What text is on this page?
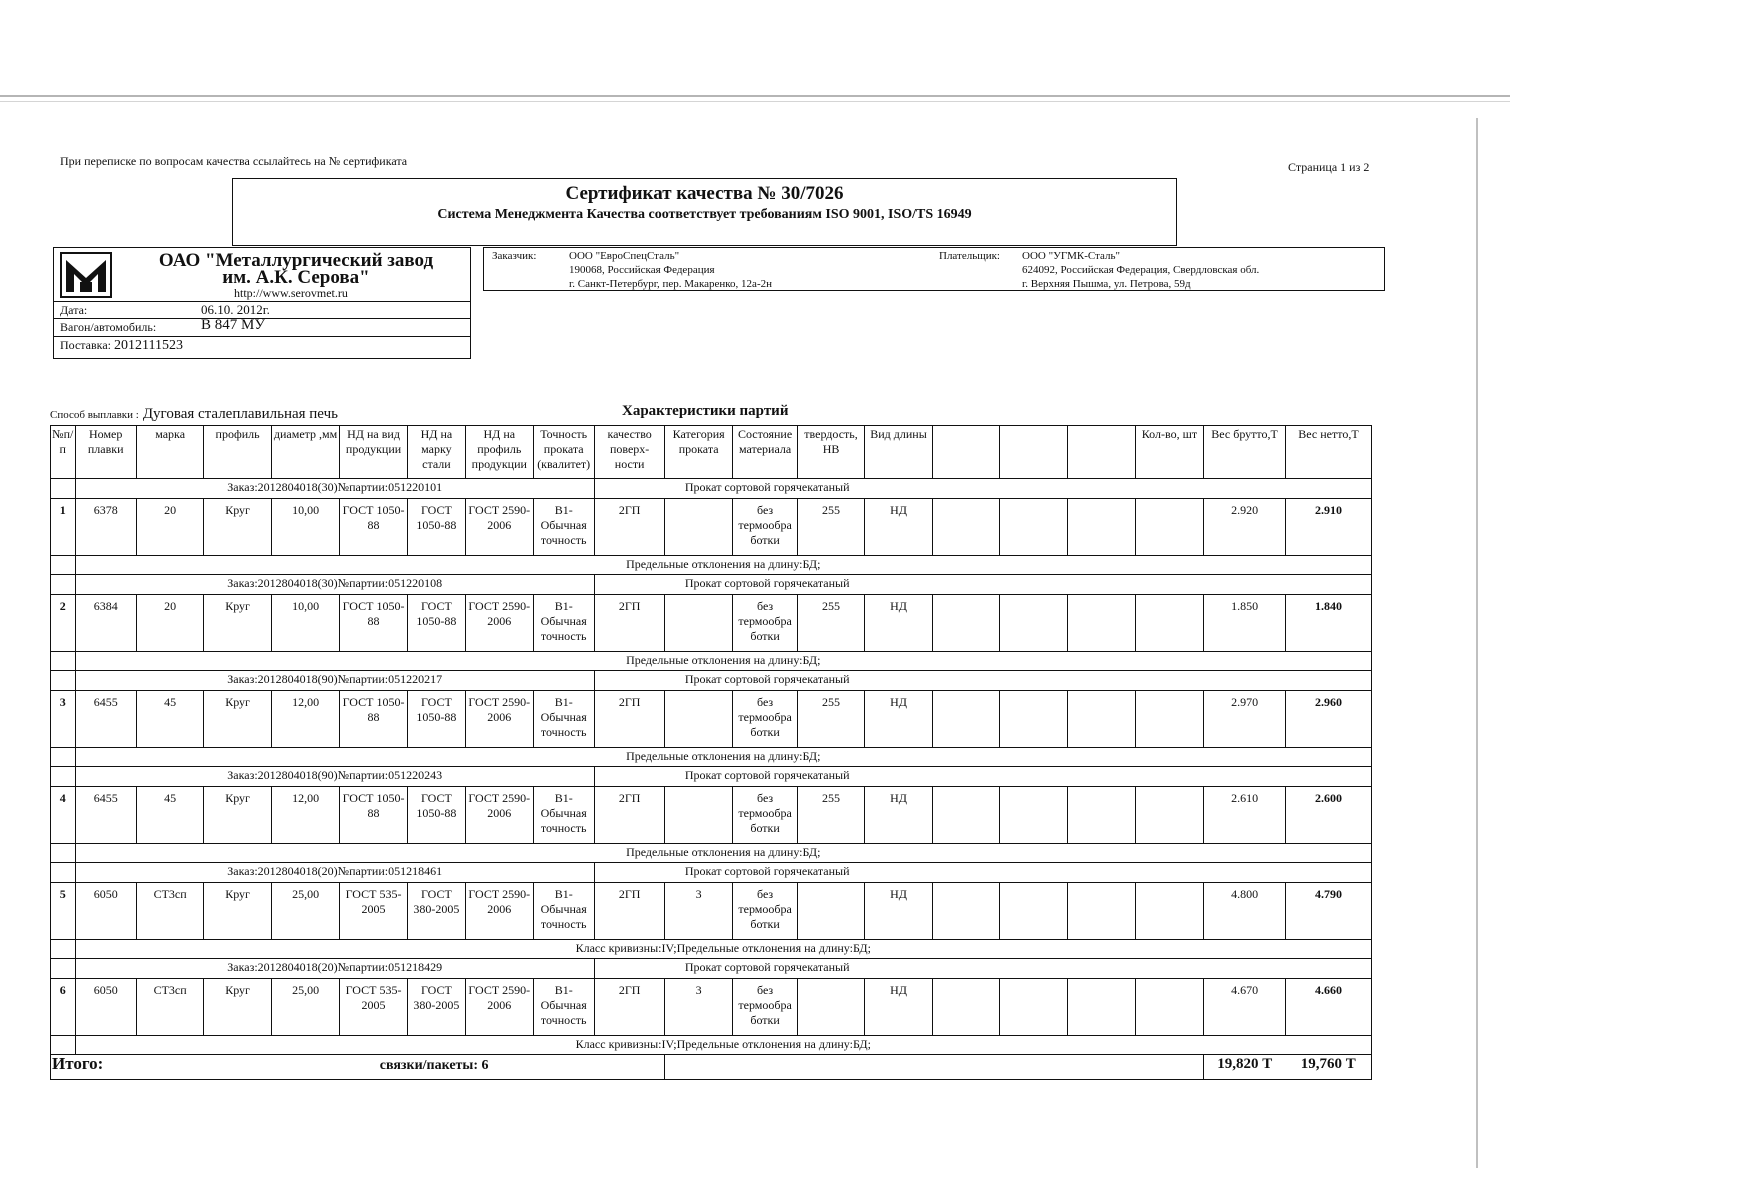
При переписке по вопросам качества ссылайтесь на № сертификата	Страница 1 из 2
Сертификат качества № 30/7026
Система Менеджмента Качества соответствует требованиям ISO 9001, ISO/TS 16949
ОАО "Металлургический завод
им. А.К. Серова"
http://www.serovmet.ru
Дата:	06.10. 2012г.
Вагон/автомобиль:	В 847 МУ
Поставка: 2012111523
Заказчик:	ООО "ЕвроСпецСталь"
190068, Российская Федерация
г. Санкт-Петербург, пер. Макаренко, 12а-2н
Плательщик: ООО "УГМК-Сталь"
624092, Российская Федерация, Свердловская обл.
г. Верхняя Пышма, ул. Петрова, 59д
Способ выплавки : Дуговая сталеплавильная печь	Характеристики партий
№п/п	Номер плавки	марка	профиль	диаметр ,мм	НД на вид продукции	НД на марку стали	НД на профиль продукции	Точность проката (квалитет)	качество поверх-ности	Категория проката	Состояние материала	твердость, HB	Вид длины				Кол-во, шт	Вес брутто,Т	Вес нетто,Т
	Заказ:2012804018(30)№партии:051220101								Прокат сортовой горячекатаный										
1	6378	20	Круг	10,00	ГОСТ 1050-88	ГОСТ 1050-88	ГОСТ 2590-2006	В1-Обычная точность	2ГП		без термообра ботки	255	НД					2.920	2.910
	Предельные отклонения на длину:БД;																		
	Заказ:2012804018(30)№партии:051220108								Прокат сортовой горячекатаный										
2	6384	20	Круг	10,00	ГОСТ 1050-88	ГОСТ 1050-88	ГОСТ 2590-2006	В1-Обычная точность	2ГП		без термообра ботки	255	НД					1.850	1.840
	Предельные отклонения на длину:БД;																		
	Заказ:2012804018(90)№партии:051220217								Прокат сортовой горячекатаный										
3	6455	45	Круг	12,00	ГОСТ 1050-88	ГОСТ 1050-88	ГОСТ 2590-2006	В1-Обычная точность	2ГП		без термообра ботки	255	НД					2.970	2.960
	Предельные отклонения на длину:БД;																		
	Заказ:2012804018(90)№партии:051220243								Прокат сортовой горячекатаный										
4	6455	45	Круг	12,00	ГОСТ 1050-88	ГОСТ 1050-88	ГОСТ 2590-2006	В1-Обычная точность	2ГП		без термообра ботки	255	НД					2.610	2.600
	Предельные отклонения на длину:БД;																		
	Заказ:2012804018(20)№партии:051218461								Прокат сортовой горячекатаный										
5	6050	СТ3сп	Круг	25,00	ГОСТ 535-2005	ГОСТ 380-2005	ГОСТ 2590-2006	В1-Обычная точность	2ГП	3	без термообра ботки		НД					4.800	4.790
	Класс кривизны:IV;Предельные отклонения на длину:БД;																		
	Заказ:2012804018(20)№партии:051218429								Прокат сортовой горячекатаный										
6	6050	СТ3сп	Круг	25,00	ГОСТ 535-2005	ГОСТ 380-2005	ГОСТ 2590-2006	В1-Обычная точность	2ГП	3	без термообра ботки		НД					4.670	4.660
	Класс кривизны:IV;Предельные отклонения на длину:БД;																		
Итого:			связки/пакеты: 6															19,820 Т	19,760 Т
